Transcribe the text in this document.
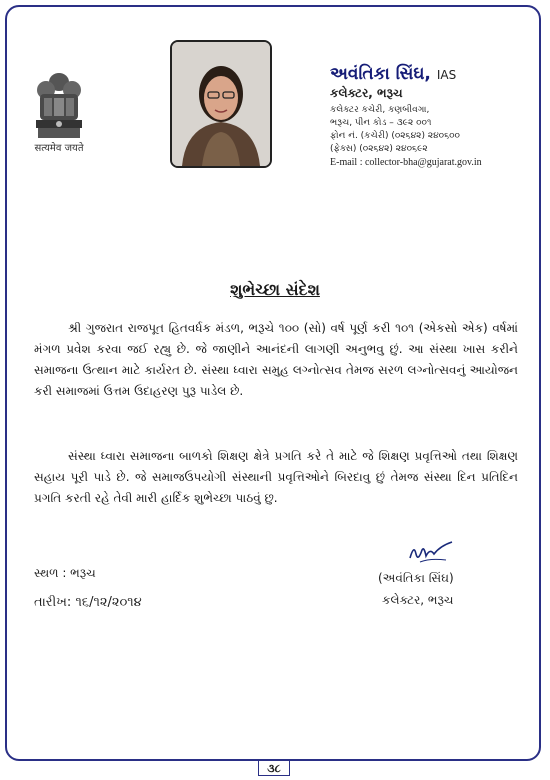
सत्यमेव जयते
અવંતિકા સિંઘ, IAS
કલેક્ટર, ભરૂચ
કલેક્ટર કચેરી, કણબીવગા,
ભરૂચ, પીન કોડ – ૩૯૨ ૦૦૧
ફોન નં. (કચેરી) (૦૨૬૪૨) ૨૪૦૬૦૦
(ફેક્સ) (૦૨૬૪૨) ૨૪૦૬૯૨
E-mail : collector-bha@gujarat.gov.in
શુભેચ્છા સંદેશ
શ્રી ગુજરાત રાજપૂત હિતવર્ધક મંડળ, ભરૂચે ૧૦૦ (સો) વર્ષ પૂર્ણ કરી ૧૦૧ (એકસો એક) વર્ષમાં મંગળ પ્રવેશ કરવા જઈ રહ્યુ છે. જે જાણીને આનંદની લાગણી અનુભવુ છું. આ સંસ્થા ખાસ કરીને સમાજના ઉત્થાન માટે કાર્યરત છે. સંસ્થા ધ્વારા સમુહ લગ્નોત્સવ તેમજ સરળ લગ્નોત્સવનું આયોજન કરી સમાજમાં ઉત્તમ ઉદાહરણ પુરૂ પાડેલ છે.
સંસ્થા ધ્વારા સમાજના બાળકો શિક્ષણ ક્ષેત્રે પ્રગતિ કરે તે માટે જે શિક્ષણ પ્રવૃત્તિઓ તથા શિક્ષણ સહાય પૂરી પાડે છે. જે સમાજઉપયોગી સંસ્થાની પ્રવૃત્તિઓને બિરદાવુ છું તેમજ સંસ્થા દિન પ્રતિદિન પ્રગતિ કરતી રહે તેવી મારી હાર્દિક શુભેચ્છા પાઠવું છુ.
સ્થળ : ભરૂચ
તારીખ: ૧૬/૧૨/૨૦૧૪
(અવંતિકા સિંઘ)
કલેક્ટર, ભરૂચ
૩૮
